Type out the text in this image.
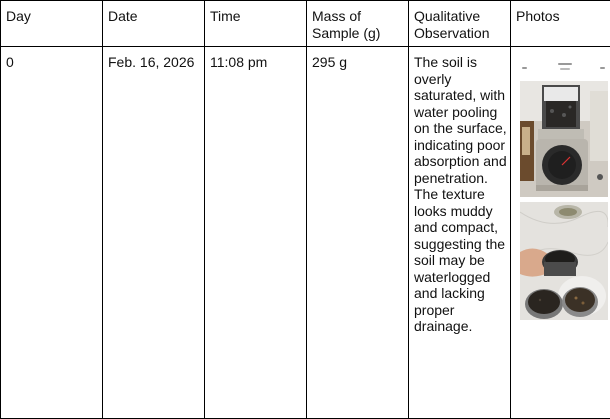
Day	Date	Time	Mass of Sample (g)	Qualitative Observation	Photos
0	Feb. 16, 2026	11:08 pm	295 g	The soil is overly saturated, with water pooling on the surface, indicating poor absorption and penetration. The texture looks muddy and compact, suggesting the soil may be waterlogged and lacking proper drainage.	
